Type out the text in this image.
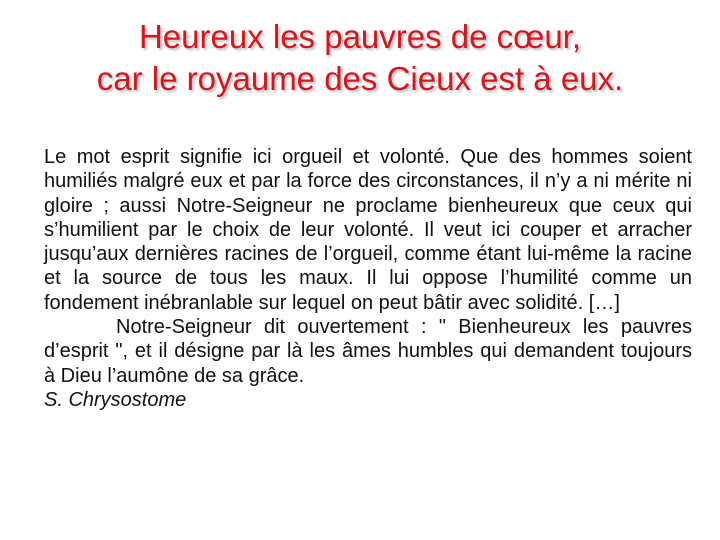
Heureux les pauvres de cœur,
car le royaume des Cieux est à eux.

Le mot esprit signifie ici orgueil et volonté. Que des hommes soient humiliés malgré eux et par la force des circonstances, il n’y a ni mérite ni gloire ; aussi Notre-Seigneur ne proclame bienheureux que ceux qui s’humilient par le choix de leur volonté. Il veut ici couper et arracher jusqu’aux dernières racines de l’orgueil, comme étant lui-même la racine et la source de tous les maux. Il lui oppose l’humilité comme un fondement inébranlable sur lequel on peut bâtir avec solidité. […]

Notre-Seigneur dit ouvertement : " Bienheureux les pauvres d’esprit ", et il désigne par là les âmes humbles qui demandent toujours à Dieu l’aumône de sa grâce.

S. Chrysostome
